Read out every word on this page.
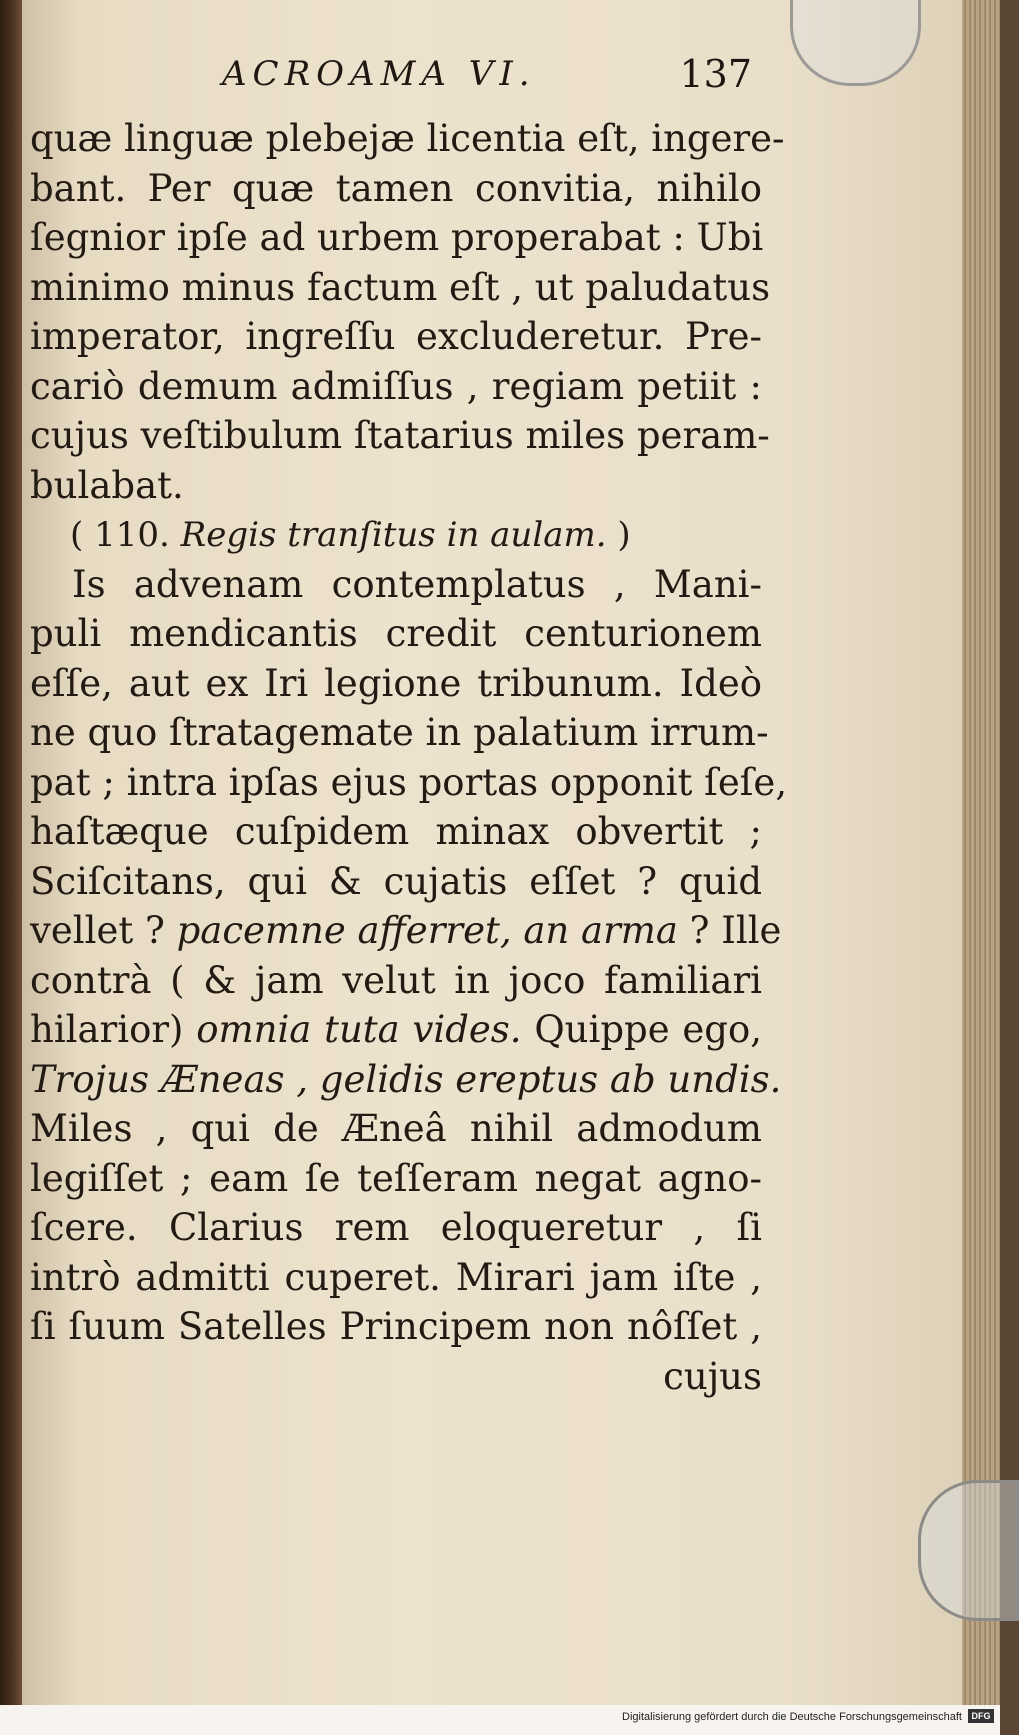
ACROAMA VI.	137
quæ linguæ plebejæ licentia eſt, ingere-
bant. Per quæ tamen convitia, nihilo
ſegnior ipſe ad urbem properabat : Ubi
minimo minus factum eſt , ut paludatus
imperator, ingreſſu excluderetur. Pre-
cariò demum admiſſus , regiam petiit :
cujus veſtibulum ſtatarius miles peram-
bulabat.
( 110. Regis tranſitus in aulam. )
Is advenam contemplatus , Mani-
puli mendicantis credit centurionem
eſſe, aut ex Iri legione tribunum. Ideò
ne quo ſtratagemate in palatium irrum-
pat ; intra ipſas ejus portas opponit ſeſe,
haſtæque cuſpidem minax obvertit ;
Sciſcitans, qui & cujatis eſſet ? quid
vellet ? pacemne afferret, an arma ? Ille
contrà ( & jam velut in joco familiari
hilarior) omnia tuta vides. Quippe ego,
Trojus Æneas , gelidis ereptus ab undis.
Miles , qui de Æneâ nihil admodum
legiſſet ; eam ſe teſſeram negat agno-
ſcere. Clarius rem eloqueretur , ſi
intrò admitti cuperet. Mirari jam iſte ,
ſi ſuum Satelles Principem non nôſſet ,
cujus
Digitalisierung gefördert durch die Deutsche Forschungsgemeinschaft	DFG
